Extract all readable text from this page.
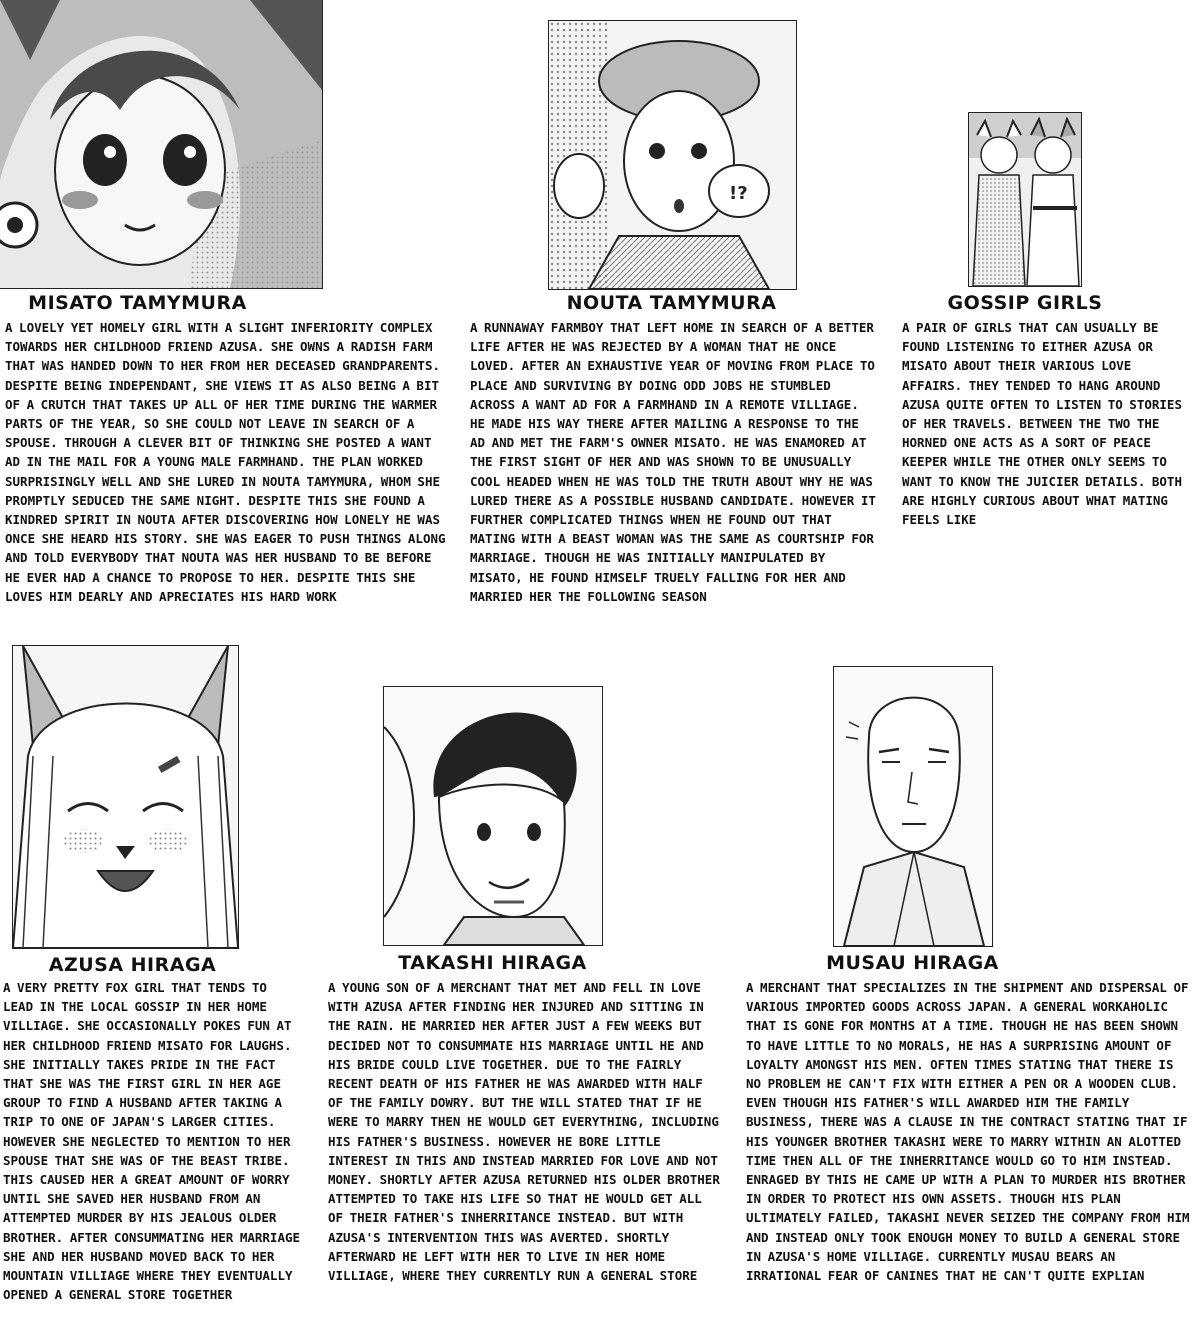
MISATO TAMYMURA
A LOVELY YET HOMELY GIRL WITH A SLIGHT INFERIORITY COMPLEX TOWARDS HER CHILDHOOD FRIEND AZUSA. SHE OWNS A RADISH FARM THAT WAS HANDED DOWN TO HER FROM HER DECEASED GRANDPARENTS. DESPITE BEING INDEPENDANT, SHE VIEWS IT AS ALSO BEING A BIT OF A CRUTCH THAT TAKES UP ALL OF HER TIME DURING THE WARMER PARTS OF THE YEAR, SO SHE COULD NOT LEAVE IN SEARCH OF A SPOUSE. THROUGH A CLEVER BIT OF THINKING SHE POSTED A WANT AD IN THE MAIL FOR A YOUNG MALE FARMHAND. THE PLAN WORKED SURPRISINGLY WELL AND SHE LURED IN NOUTA TAMYMURA, WHOM SHE PROMPTLY SEDUCED THE SAME NIGHT. DESPITE THIS SHE FOUND A KINDRED SPIRIT IN NOUTA AFTER DISCOVERING HOW LONELY HE WAS ONCE SHE HEARD HIS STORY. SHE WAS EAGER TO PUSH THINGS ALONG AND TOLD EVERYBODY THAT NOUTA WAS HER HUSBAND TO BE BEFORE HE EVER HAD A CHANCE TO PROPOSE TO HER. DESPITE THIS SHE LOVES HIM DEARLY AND APRECIATES HIS HARD WORK
!?
NOUTA TAMYMURA
A RUNNAWAY FARMBOY THAT LEFT HOME IN SEARCH OF A BETTER LIFE AFTER HE WAS REJECTED BY A WOMAN THAT HE ONCE LOVED. AFTER AN EXHAUSTIVE YEAR OF MOVING FROM PLACE TO PLACE AND SURVIVING BY DOING ODD JOBS HE STUMBLED ACROSS A WANT AD FOR A FARMHAND IN A REMOTE VILLIAGE. HE MADE HIS WAY THERE AFTER MAILING A RESPONSE TO THE AD AND MET THE FARM'S OWNER MISATO. HE WAS ENAMORED AT THE FIRST SIGHT OF HER AND WAS SHOWN TO BE UNUSUALLY COOL HEADED WHEN HE WAS TOLD THE TRUTH ABOUT WHY HE WAS LURED THERE AS A POSSIBLE HUSBAND CANDIDATE. HOWEVER IT FURTHER COMPLICATED THINGS WHEN HE FOUND OUT THAT MATING WITH A BEAST WOMAN WAS THE SAME AS COURTSHIP FOR MARRIAGE. THOUGH HE WAS INITIALLY MANIPULATED BY MISATO, HE FOUND HIMSELF TRUELY FALLING FOR HER AND MARRIED HER THE FOLLOWING SEASON
GOSSIP GIRLS
A PAIR OF GIRLS THAT CAN USUALLY BE FOUND LISTENING TO EITHER AZUSA OR MISATO ABOUT THEIR VARIOUS LOVE AFFAIRS. THEY TENDED TO HANG AROUND AZUSA QUITE OFTEN TO LISTEN TO STORIES OF HER TRAVELS. BETWEEN THE TWO THE HORNED ONE ACTS AS A SORT OF PEACE KEEPER WHILE THE OTHER ONLY SEEMS TO WANT TO KNOW THE JUICIER DETAILS. BOTH ARE HIGHLY CURIOUS ABOUT WHAT MATING FEELS LIKE
AZUSA HIRAGA
A VERY PRETTY FOX GIRL THAT TENDS TO LEAD IN THE LOCAL GOSSIP IN HER HOME VILLIAGE. SHE OCCASIONALLY POKES FUN AT HER CHILDHOOD FRIEND MISATO FOR LAUGHS. SHE INITIALLY TAKES PRIDE IN THE FACT THAT SHE WAS THE FIRST GIRL IN HER AGE GROUP TO FIND A HUSBAND AFTER TAKING A TRIP TO ONE OF JAPAN'S LARGER CITIES. HOWEVER SHE NEGLECTED TO MENTION TO HER SPOUSE THAT SHE WAS OF THE BEAST TRIBE. THIS CAUSED HER A GREAT AMOUNT OF WORRY UNTIL SHE SAVED HER HUSBAND FROM AN ATTEMPTED MURDER BY HIS JEALOUS OLDER BROTHER. AFTER CONSUMMATING HER MARRIAGE SHE AND HER HUSBAND MOVED BACK TO HER MOUNTAIN VILLIAGE WHERE THEY EVENTUALLY OPENED A GENERAL STORE TOGETHER
TAKASHI HIRAGA
A YOUNG SON OF A MERCHANT THAT MET AND FELL IN LOVE WITH AZUSA AFTER FINDING HER INJURED AND SITTING IN THE RAIN. HE MARRIED HER AFTER JUST A FEW WEEKS BUT DECIDED NOT TO CONSUMMATE HIS MARRIAGE UNTIL HE AND HIS BRIDE COULD LIVE TOGETHER. DUE TO THE FAIRLY RECENT DEATH OF HIS FATHER HE WAS AWARDED WITH HALF OF THE FAMILY DOWRY. BUT THE WILL STATED THAT IF HE WERE TO MARRY THEN HE WOULD GET EVERYTHING, INCLUDING HIS FATHER'S BUSINESS. HOWEVER HE BORE LITTLE INTEREST IN THIS AND INSTEAD MARRIED FOR LOVE AND NOT MONEY. SHORTLY AFTER AZUSA RETURNED HIS OLDER BROTHER ATTEMPTED TO TAKE HIS LIFE SO THAT HE WOULD GET ALL OF THEIR FATHER'S INHERRITANCE INSTEAD. BUT WITH AZUSA'S INTERVENTION THIS WAS AVERTED. SHORTLY AFTERWARD HE LEFT WITH HER TO LIVE IN HER HOME VILLIAGE, WHERE THEY CURRENTLY RUN A GENERAL STORE
MUSAU HIRAGA
A MERCHANT THAT SPECIALIZES IN THE SHIPMENT AND DISPERSAL OF VARIOUS IMPORTED GOODS ACROSS JAPAN. A GENERAL WORKAHOLIC THAT IS GONE FOR MONTHS AT A TIME. THOUGH HE HAS BEEN SHOWN TO HAVE LITTLE TO NO MORALS, HE HAS A SURPRISING AMOUNT OF LOYALTY AMONGST HIS MEN. OFTEN TIMES STATING THAT THERE IS NO PROBLEM HE CAN'T FIX WITH EITHER A PEN OR A WOODEN CLUB. EVEN THOUGH HIS FATHER'S WILL AWARDED HIM THE FAMILY BUSINESS, THERE WAS A CLAUSE IN THE CONTRACT STATING THAT IF HIS YOUNGER BROTHER TAKASHI WERE TO MARRY WITHIN AN ALOTTED TIME THEN ALL OF THE INHERRITANCE WOULD GO TO HIM INSTEAD. ENRAGED BY THIS HE CAME UP WITH A PLAN TO MURDER HIS BROTHER IN ORDER TO PROTECT HIS OWN ASSETS. THOUGH HIS PLAN ULTIMATELY FAILED, TAKASHI NEVER SEIZED THE COMPANY FROM HIM AND INSTEAD ONLY TOOK ENOUGH MONEY TO BUILD A GENERAL STORE IN AZUSA'S HOME VILLIAGE. CURRENTLY MUSAU BEARS AN IRRATIONAL FEAR OF CANINES THAT HE CAN'T QUITE EXPLIAN
